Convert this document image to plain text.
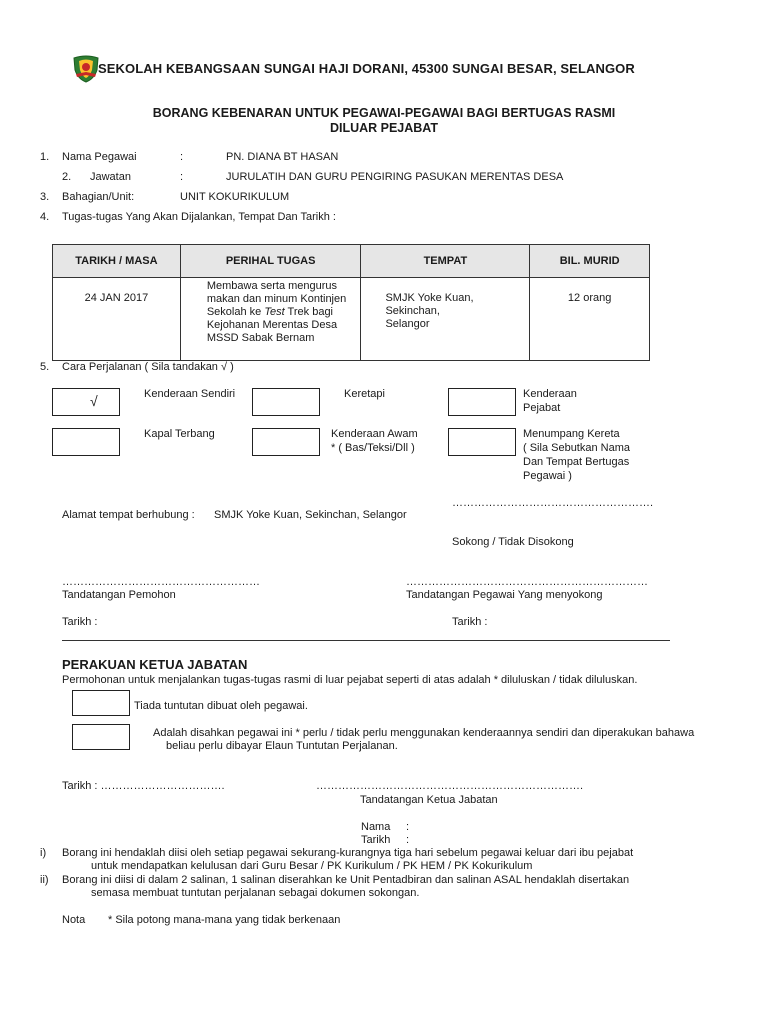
SEKOLAH KEBANGSAAN SUNGAI HAJI DORANI, 45300 SUNGAI BESAR, SELANGOR
BORANG KEBENARAN UNTUK PEGAWAI-PEGAWAI BAGI BERTUGAS RASMI
DILUAR PEJABAT
1. Nama Pegawai	:	PN. DIANA BT HASAN
2. Jawatan	:	JURULATIH DAN GURU PENGIRING PASUKAN MERENTAS DESA
3. Bahagian/Unit:	UNIT KOKURIKULUM
4. Tugas-tugas Yang Akan Dijalankan, Tempat Dan Tarikh :
TARIKH / MASA	PERIHAL TUGAS	TEMPAT	BIL. MURID
24 JAN 2017	Membawa serta mengurus makan dan minum Kontinjen Sekolah ke Test Trek bagi Kejohanan Merentas Desa MSSD Sabak Bernam	SMJK Yoke Kuan, Sekinchan, Selangor	12 orang
5. Cara Perjalanan ( Sila tandakan √ )
√	Kenderaan Sendiri	Keretapi	Kenderaan
Pejabat
Kapal Terbang	Kenderaan Awam
* ( Bas/Teksi/Dll )
Menumpang Kereta
( Sila Sebutkan Nama
Dan Tempat Bertugas
Pegawai )
……………………………………………….
Alamat tempat berhubung : SMJK Yoke Kuan, Sekinchan, Selangor
Sokong / Tidak Disokong
………………………………………………	…………………………………………………………
Tandatangan Pemohon	Tandatangan Pegawai Yang menyokong
Tarikh :	Tarikh :
PERAKUAN KETUA JABATAN
Permohonan untuk menjalankan tugas-tugas rasmi di luar pejabat seperti di atas adalah * diluluskan / tidak diluluskan.
Tiada tuntutan dibuat oleh pegawai.
Adalah disahkan pegawai ini * perlu / tidak perlu menggunakan kenderaannya sendiri dan diperakukan bahawa
beliau perlu dibayar Elaun Tuntutan Perjalanan.
Tarikh : …………………………….	……………………………………………………………….
Tandatangan Ketua Jabatan
Nama :
Tarikh :
i) Borang ini hendaklah diisi oleh setiap pegawai sekurang-kurangnya tiga hari sebelum pegawai keluar dari ibu pejabat
untuk mendapatkan kelulusan dari Guru Besar / PK Kurikulum / PK HEM / PK Kokurikulum
ii) Borang ini diisi di dalam 2 salinan, 1 salinan diserahkan ke Unit Pentadbiran dan salinan ASAL hendaklah disertakan
semasa membuat tuntutan perjalanan sebagai dokumen sokongan.
Nota * Sila potong mana-mana yang tidak berkenaan
